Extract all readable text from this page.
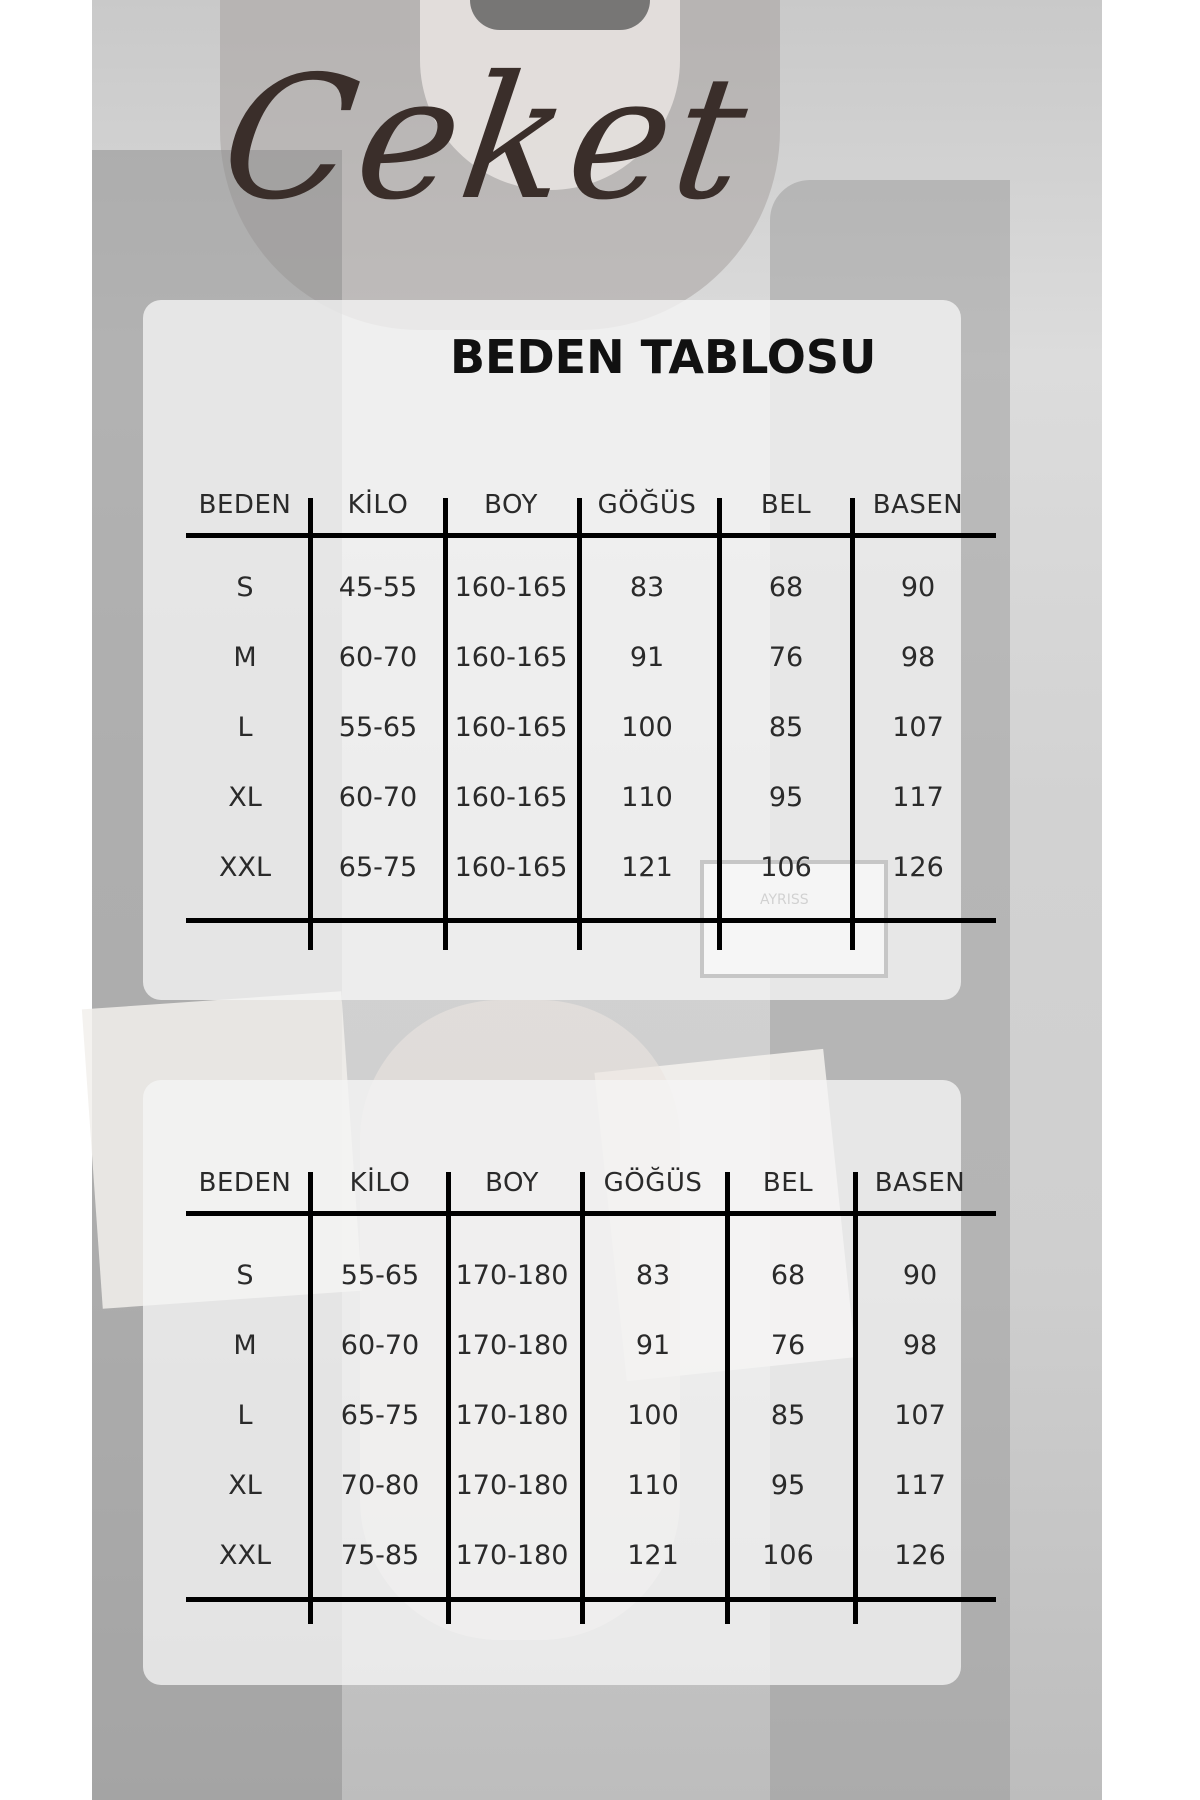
Ceket
BEDEN TABLOSU
BEDEN	KİLO	BOY	GÖĞÜS	BEL	BASEN
S	45-55	160-165	83	68	90
M	60-70	160-165	91	76	98
L	55-65	160-165	100	85	107
XL	60-70	160-165	110	95	117
XXL	65-75	160-165	121	106	126
BEDEN	KİLO	BOY	GÖĞÜS	BEL	BASEN
S	55-65	170-180	83	68	90
M	60-70	170-180	91	76	98
L	65-75	170-180	100	85	107
XL	70-80	170-180	110	95	117
XXL	75-85	170-180	121	106	126
